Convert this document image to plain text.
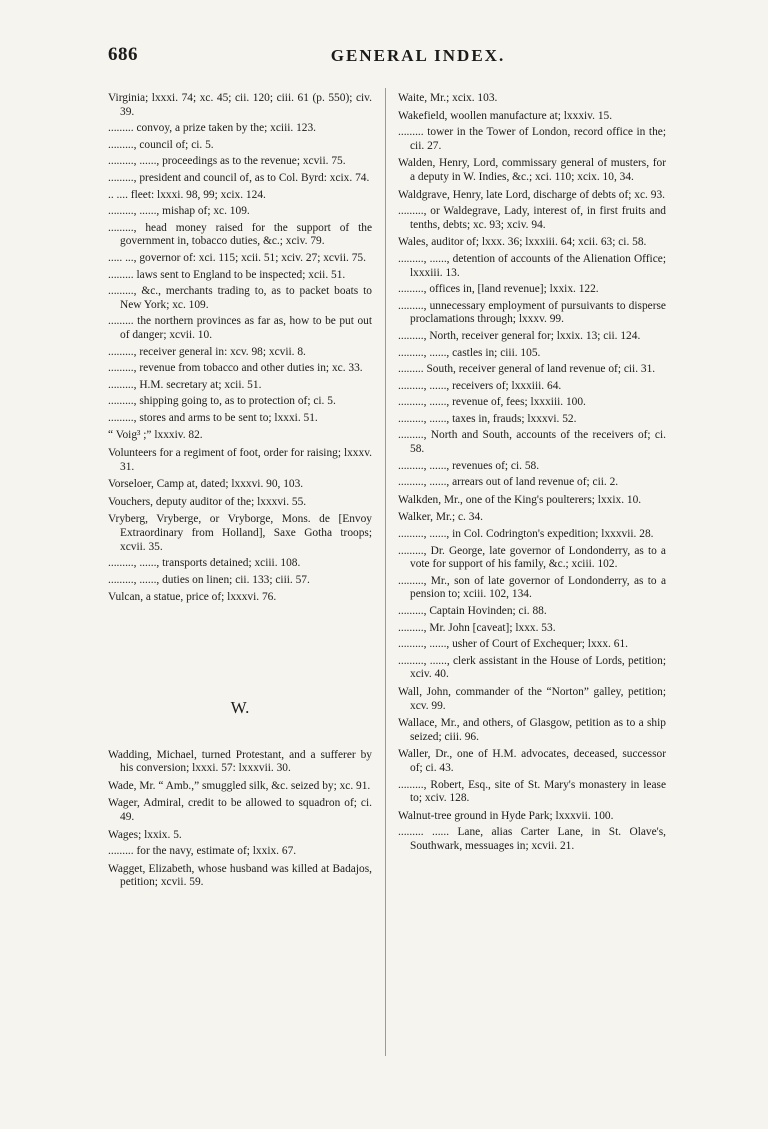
686	GENERAL INDEX.
Virginia; lxxxi. 74; xc. 45; cii. 120; ciii. 61 (p. 550); civ. 39.
......... convoy, a prize taken by the; xciii. 123.
........., council of; ci. 5.
........., ......, proceedings as to the revenue; xcvii. 75.
........., president and council of, as to Col. Byrd: xcix. 74.
.. .... fleet: lxxxi. 98, 99; xcix. 124.
........., ......, mishap of; xc. 109.
........., head money raised for the support of the government in, tobacco duties, &c.; xciv. 79.
..... ..., governor of: xci. 115; xcii. 51; xciv. 27; xcvii. 75.
......... laws sent to England to be inspected; xcii. 51.
........., &c., merchants trading to, as to packet boats to New York; xc. 109.
......... the northern provinces as far as, how to be put out of danger; xcvii. 10.
........., receiver general in: xcv. 98; xcvii. 8.
........., revenue from tobacco and other duties in; xc. 33.
........., H.M. secretary at; xcii. 51.
........., shipping going to, as to protection of; ci. 5.
........., stores and arms to be sent to; lxxxi. 51.
“ Voig³ ;” lxxxiv. 82.
Volunteers for a regiment of foot, order for raising; lxxxv. 31.
Vorseloer, Camp at, dated; lxxxvi. 90, 103.
Vouchers, deputy auditor of the; lxxxvi. 55.
Vryberg, Vryberge, or Vryborge, Mons. de [Envoy Extraordinary from Holland], Saxe Gotha troops; xcvii. 35.
........., ......, transports detained; xciii. 108.
........., ......, duties on linen; cii. 133; ciii. 57.
Vulcan, a statue, price of; lxxxvi. 76.
W.
Wadding, Michael, turned Protestant, and a sufferer by his conversion; lxxxi. 57: lxxxvii. 30.
Wade, Mr. “ Amb.,” smuggled silk, &c. seized by; xc. 91.
Wager, Admiral, credit to be allowed to squadron of; ci. 49.
Wages; lxxix. 5.
......... for the navy, estimate of; lxxix. 67.
Wagget, Elizabeth, whose husband was killed at Badajos, petition; xcvii. 59.
Waite, Mr.; xcix. 103.
Wakefield, woollen manufacture at; lxxxiv. 15.
......... tower in the Tower of London, record office in the; cii. 27.
Walden, Henry, Lord, commissary general of musters, for a deputy in W. Indies, &c.; xci. 110; xcix. 10, 34.
Waldgrave, Henry, late Lord, discharge of debts of; xc. 93.
........., or Waldegrave, Lady, interest of, in first fruits and tenths, debts; xc. 93; xciv. 94.
Wales, auditor of; lxxx. 36; lxxxiii. 64; xcii. 63; ci. 58.
........., ......, detention of accounts of the Alienation Office; lxxxiii. 13.
........., offices in, [land revenue]; lxxix. 122.
........., unnecessary employment of pursuivants to disperse proclamations through; lxxxv. 99.
........., North, receiver general for; lxxix. 13; cii. 124.
........., ......, castles in; ciii. 105.
......... South, receiver general of land revenue of; cii. 31.
........., ......, receivers of; lxxxiii. 64.
........., ......, revenue of, fees; lxxxiii. 100.
........., ......, taxes in, frauds; lxxxvi. 52.
........., North and South, accounts of the receivers of; ci. 58.
........., ......, revenues of; ci. 58.
........., ......, arrears out of land revenue of; cii. 2.
Walkden, Mr., one of the King's poulterers; lxxix. 10.
Walker, Mr.; c. 34.
........., ......, in Col. Codrington's expedition; lxxxvii. 28.
........., Dr. George, late governor of Londonderry, as to a vote for support of his family, &c.; xciii. 102.
........., Mr., son of late governor of Londonderry, as to a pension to; xciii. 102, 134.
........., Captain Hovinden; ci. 88.
........., Mr. John [caveat]; lxxx. 53.
........., ......, usher of Court of Exchequer; lxxx. 61.
........., ......, clerk assistant in the House of Lords, petition; xciv. 40.
Wall, John, commander of the “Norton” galley, petition; xcv. 99.
Wallace, Mr., and others, of Glasgow, petition as to a ship seized; ciii. 96.
Waller, Dr., one of H.M. advocates, deceased, successor of; ci. 43.
........., Robert, Esq., site of St. Mary's monastery in lease to; xciv. 128.
Walnut-tree ground in Hyde Park; lxxxvii. 100.
......... ...... Lane, alias Carter Lane, in St. Olave's, Southwark, messuages in; xcvii. 21.
